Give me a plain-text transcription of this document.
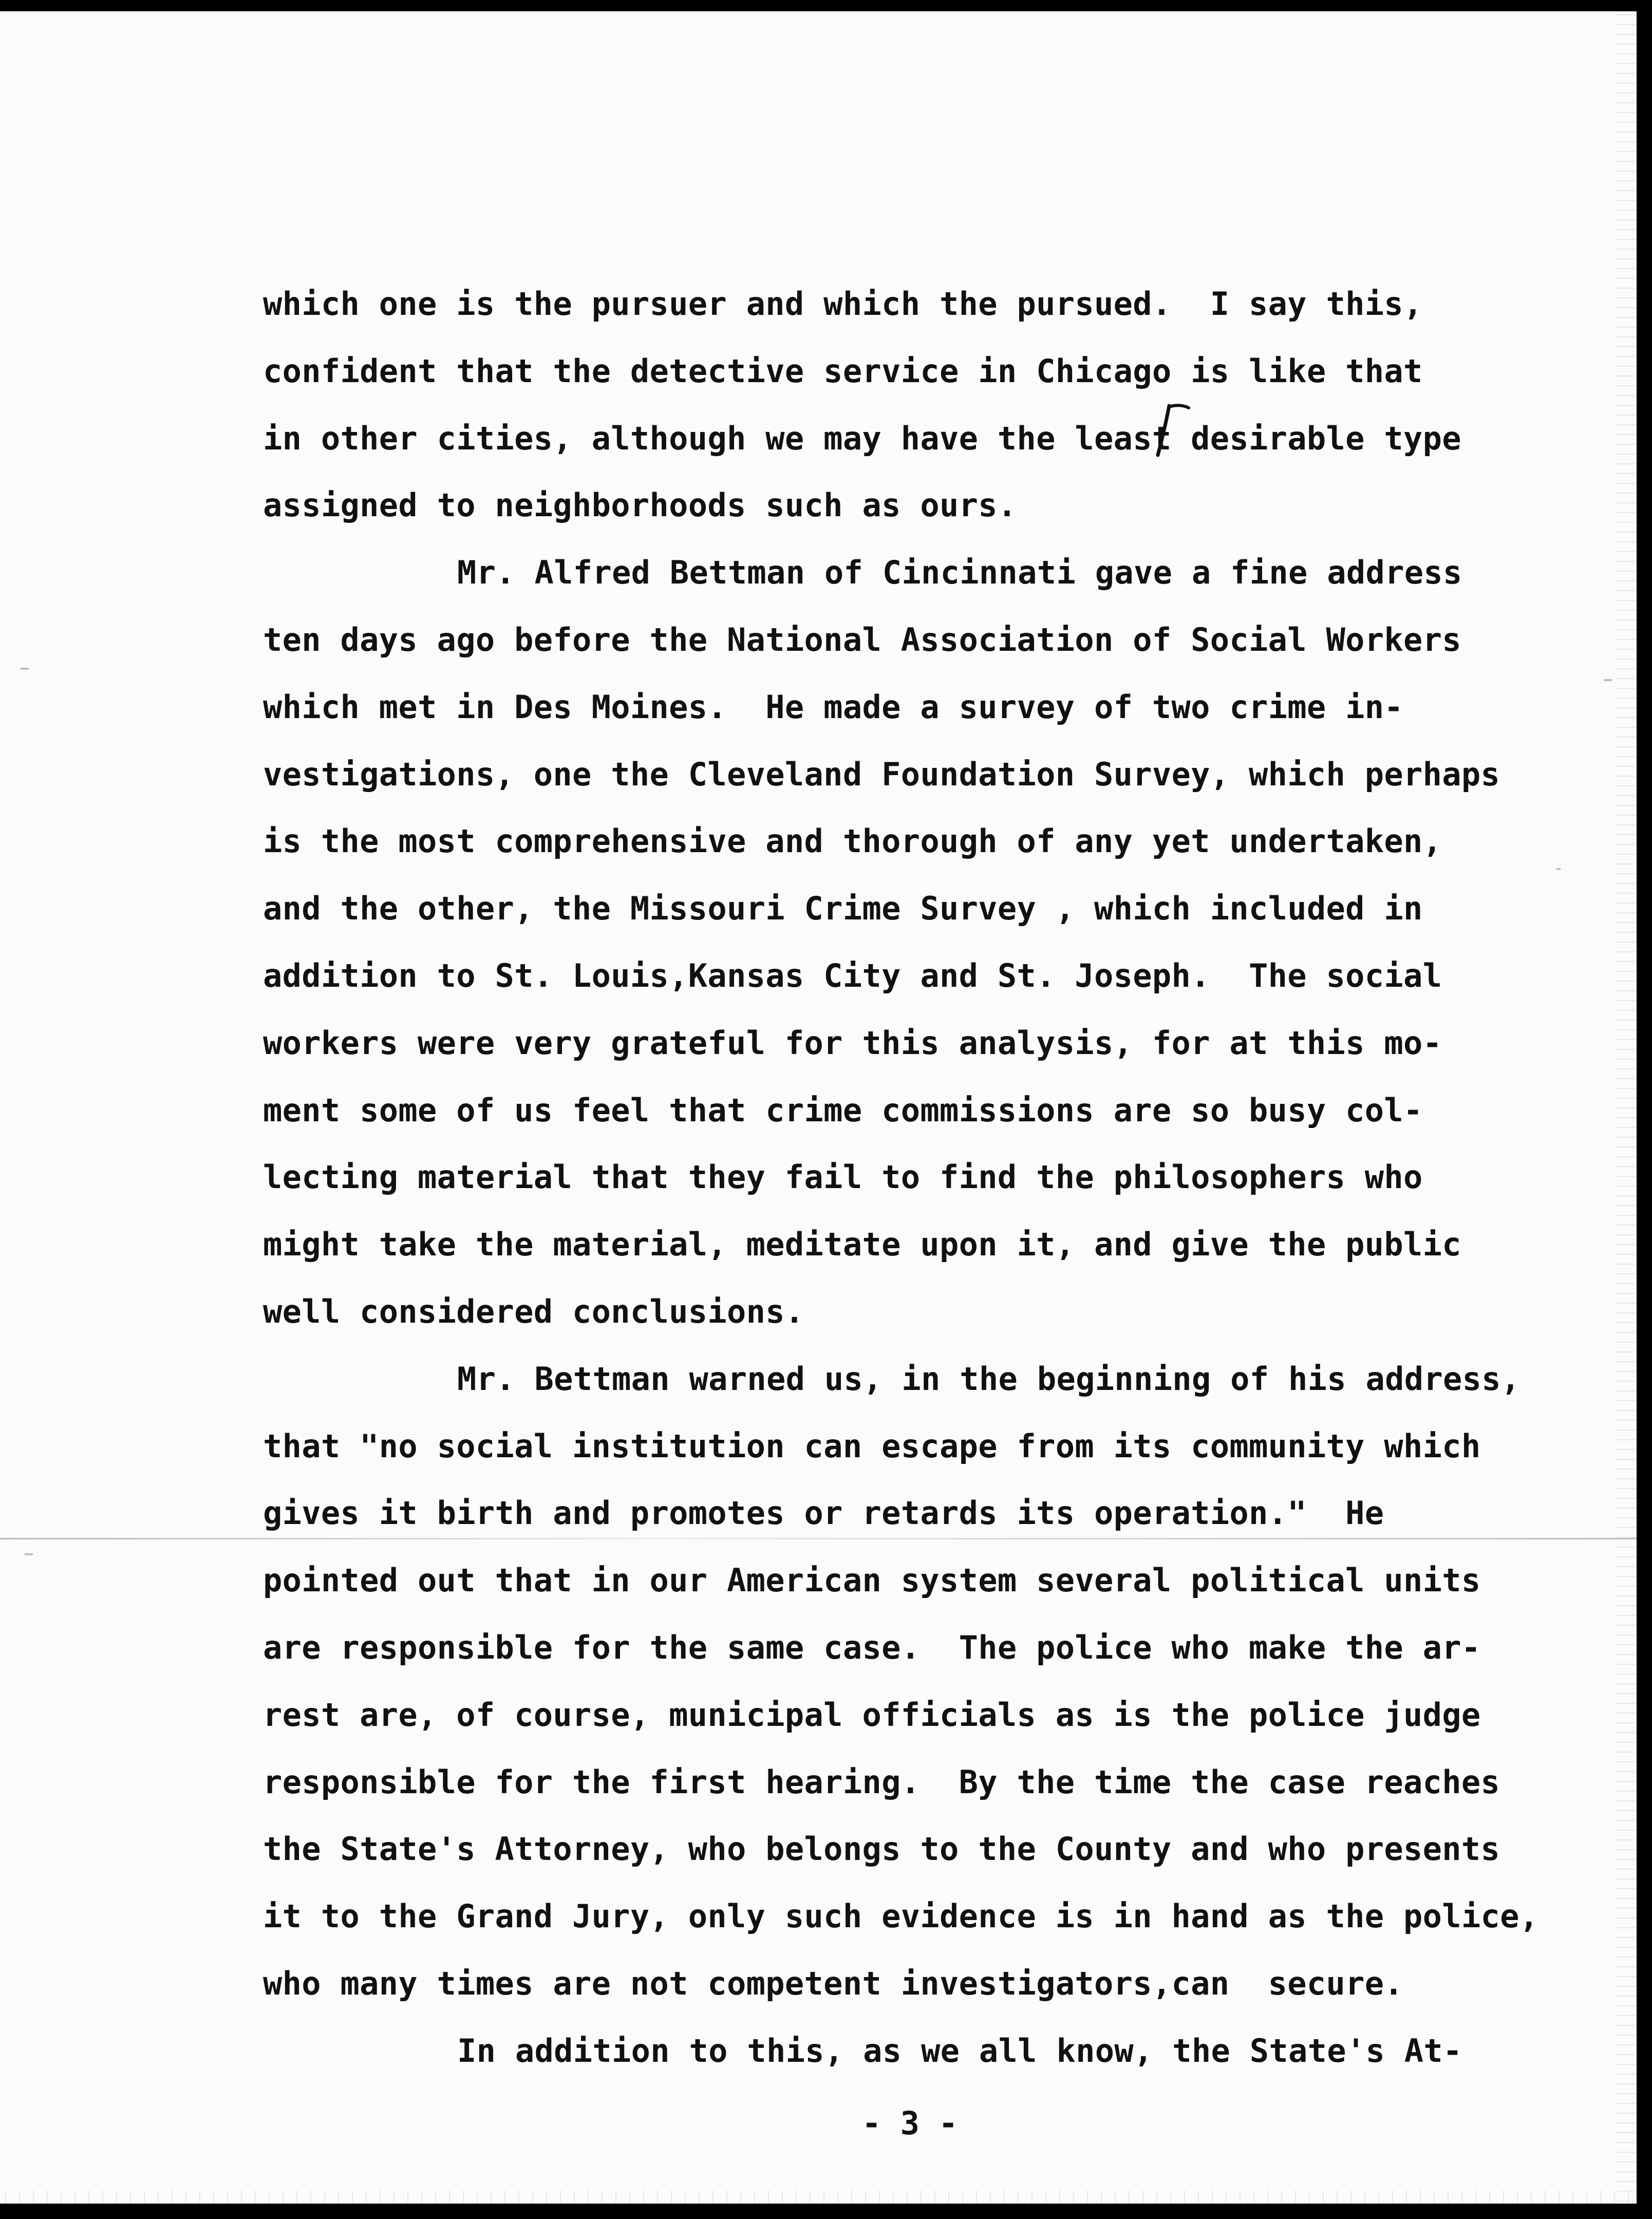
which one is the pursuer and which the pursued.  I say this,
confident that the detective service in Chicago is like that
in other cities, although we may have the least desirable type
assigned to neighborhoods such as ours.
Mr. Alfred Bettman of Cincinnati gave a fine address
ten days ago before the National Association of Social Workers
which met in Des Moines.  He made a survey of two crime in-
vestigations, one the Cleveland Foundation Survey, which perhaps
is the most comprehensive and thorough of any yet undertaken,
and the other, the Missouri Crime Survey , which included in
addition to St. Louis,Kansas City and St. Joseph.  The social
workers were very grateful for this analysis, for at this mo-
ment some of us feel that crime commissions are so busy col-
lecting material that they fail to find the philosophers who
might take the material, meditate upon it, and give the public
well considered conclusions.
Mr. Bettman warned us, in the beginning of his address,
that "no social institution can escape from its community which
gives it birth and promotes or retards its operation."  He
pointed out that in our American system several political units
are responsible for the same case.  The police who make the ar-
rest are, of course, municipal officials as is the police judge
responsible for the first hearing.  By the time the case reaches
the State's Attorney, who belongs to the County and who presents
it to the Grand Jury, only such evidence is in hand as the police,
who many times are not competent investigators,can  secure.
In addition to this, as we all know, the State's At-
- 3 -
